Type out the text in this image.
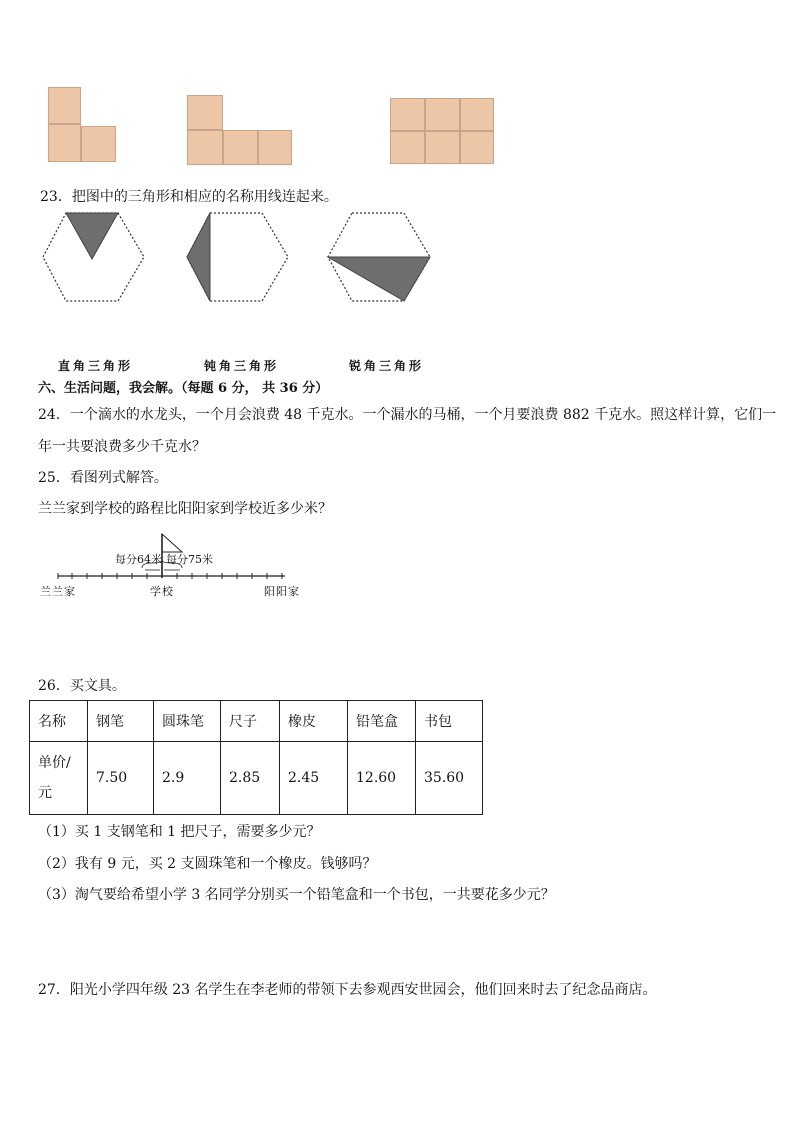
23．把图中的三角形和相应的名称用线连起来。
直角三角形	钝角三角形	锐角三角形
六、生活问题，我会解。（每题 6 分， 共 36 分）
24．一个滴水的水龙头，一个月会浪费 48 千克水。一个漏水的马桶，一个月要浪费 882 千克水。照这样计算，它们一
年一共要浪费多少千克水？
25．看图列式解答。
兰兰家到学校的路程比阳阳家到学校近多少米？
每分64米 每分75米
兰兰家	学校	阳阳家
26．买文具。
名称	钢笔	圆珠笔	尺子	橡皮	铅笔盒	书包

单价/
元	7.50	2.9	2.85	2.45	12.60	35.60
（1）买 1 支钢笔和 1 把尺子，需要多少元？
（2）我有 9 元，买 2 支圆珠笔和一个橡皮。钱够吗？
（3）淘气要给希望小学 3 名同学分别买一个铅笔盒和一个书包，一共要花多少元？
27．阳光小学四年级 23 名学生在李老师的带领下去参观西安世园会，他们回来时去了纪念品商店。
